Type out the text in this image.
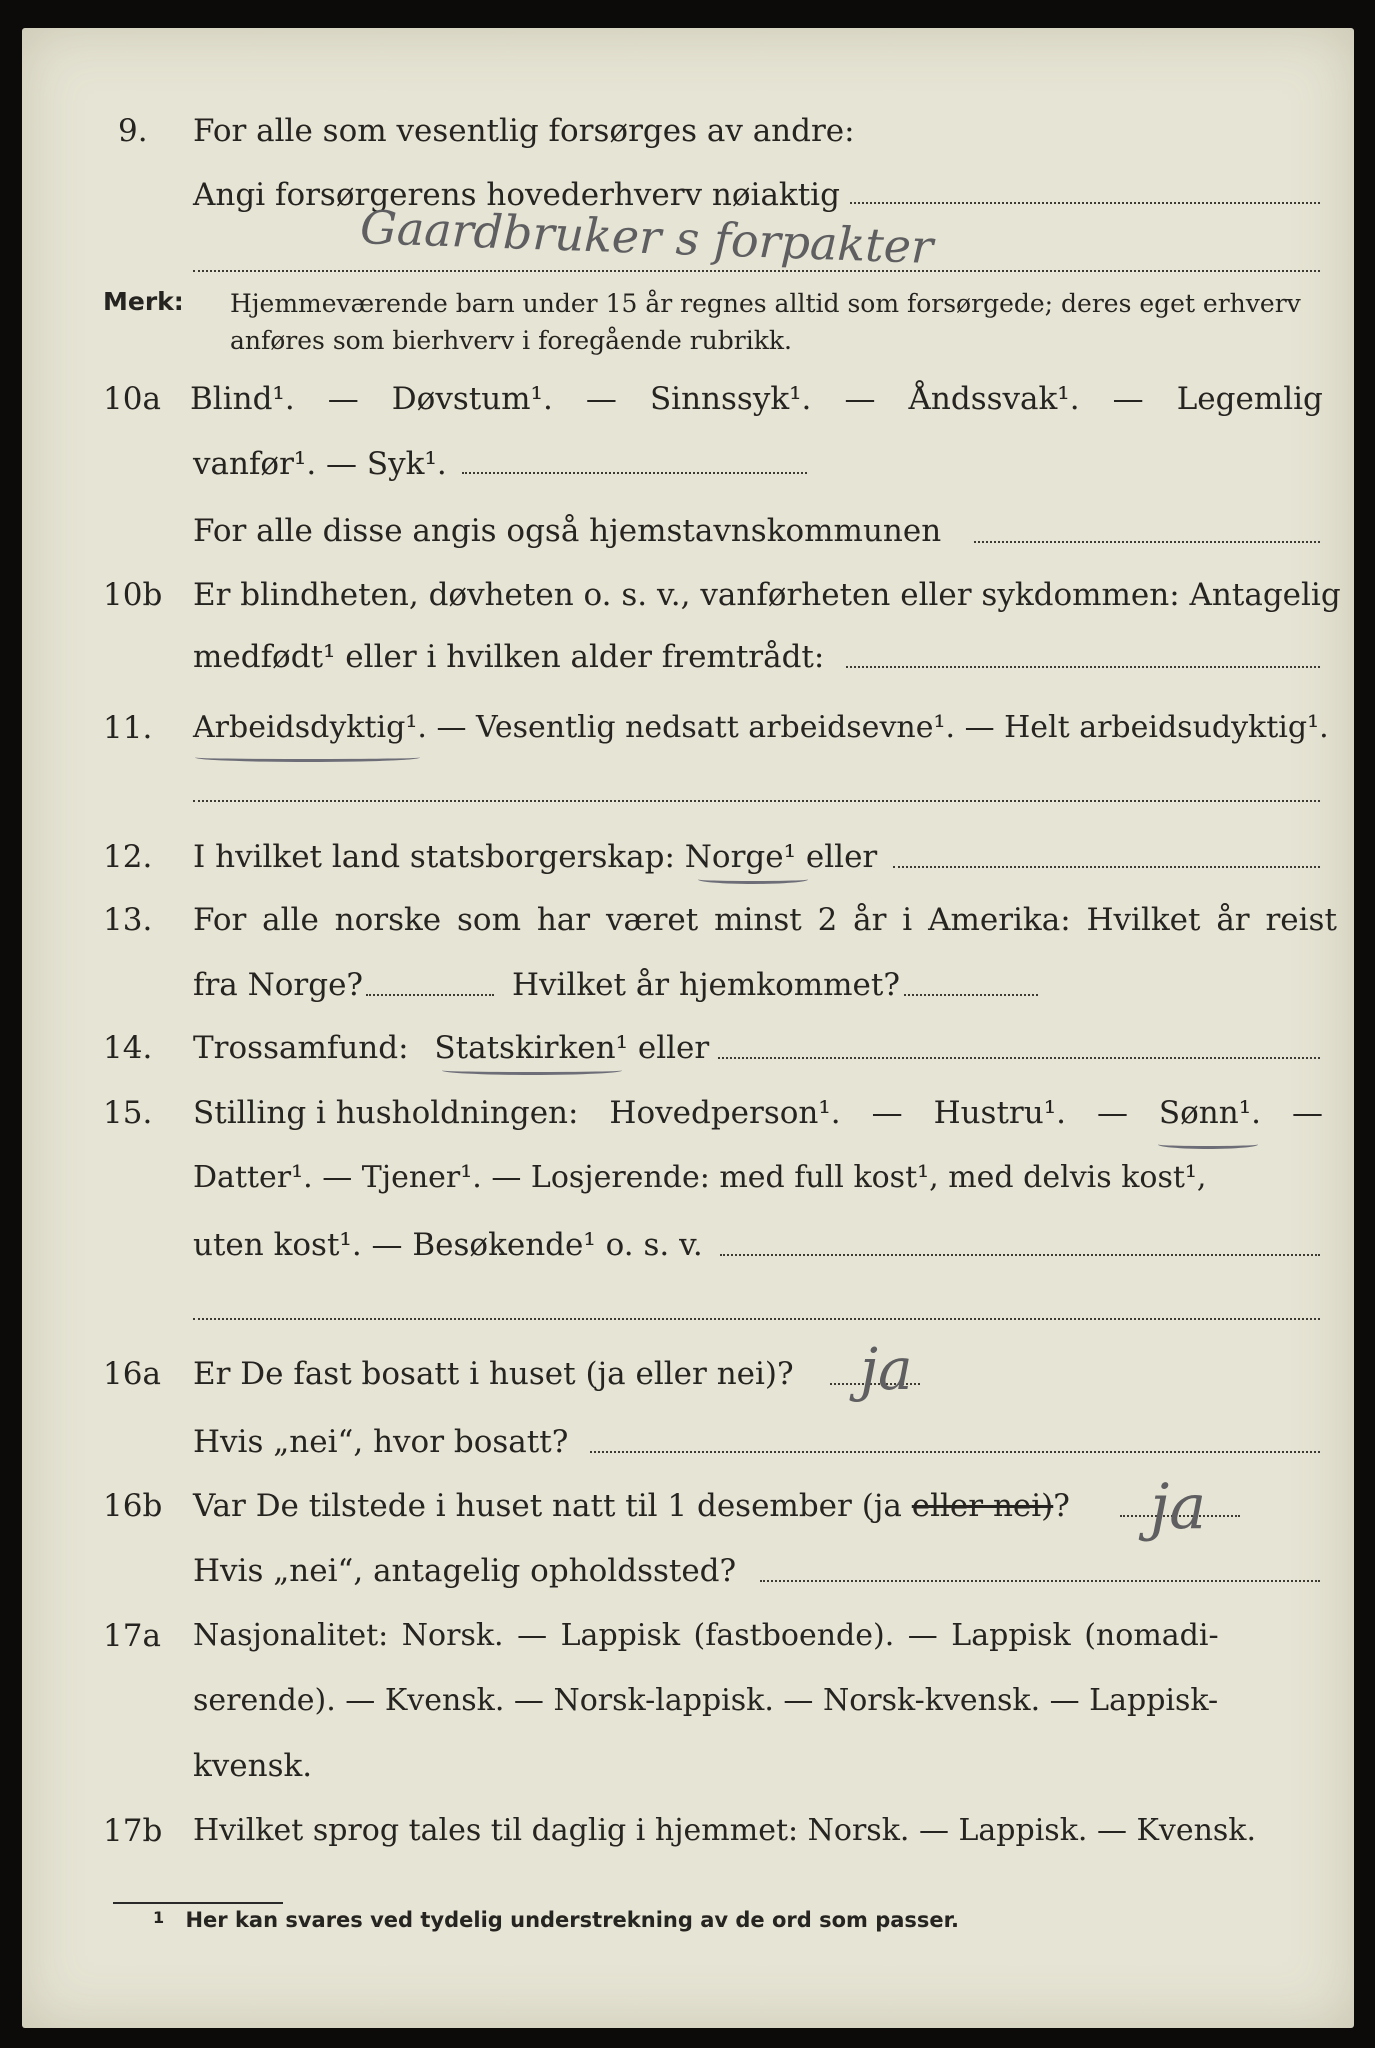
9. For alle som vesentlig forsørges av andre:
Angi forsørgerens hovederhverv nøiaktig
Gaardbruker s forpakter
Merk: Hjemmeværende barn under 15 år regnes alltid som forsørgede; deres eget erhverv
anføres som bierhverv i foregående rubrikk.
10a Blind¹. — Døvstum¹. — Sinnssyk¹. — Åndssvak¹. — Legemlig
vanfør¹. — Syk¹.
For alle disse angis også hjemstavnskommunen
10b Er blindheten, døvheten o. s. v., vanførheten eller sykdommen: Antagelig
medfødt¹ eller i hvilken alder fremtrådt:
11. Arbeidsdyktig¹. — Vesentlig nedsatt arbeidsevne¹. — Helt arbeidsudyktig¹.
12. I hvilket land statsborgerskap: Norge¹ eller
13. For alle norske som har været minst 2 år i Amerika: Hvilket år reist
fra Norge?	Hvilket år hjemkommet?
14. Trossamfund: Statskirken¹ eller
15. Stilling i husholdningen: Hovedperson¹. — Hustru¹. — Sønn¹. —
Datter¹. — Tjener¹. — Losjerende: med full kost¹, med delvis kost¹,
uten kost¹. — Besøkende¹ o. s. v.
16a Er De fast bosatt i huset (ja eller nei)? ja
Hvis „nei“, hvor bosatt?
16b Var De tilstede i huset natt til 1 desember (ja eller nei)? ja
Hvis „nei“, antagelig opholdssted?
17a Nasjonalitet: Norsk. — Lappisk (fastboende). — Lappisk (nomadi-
serende). — Kvensk. — Norsk-lappisk. — Norsk-kvensk. — Lappisk-
kvensk.
17b Hvilket sprog tales til daglig i hjemmet: Norsk. — Lappisk. — Kvensk.
$^1$ Her kan svares ved tydelig understrekning av de ord som passer.
